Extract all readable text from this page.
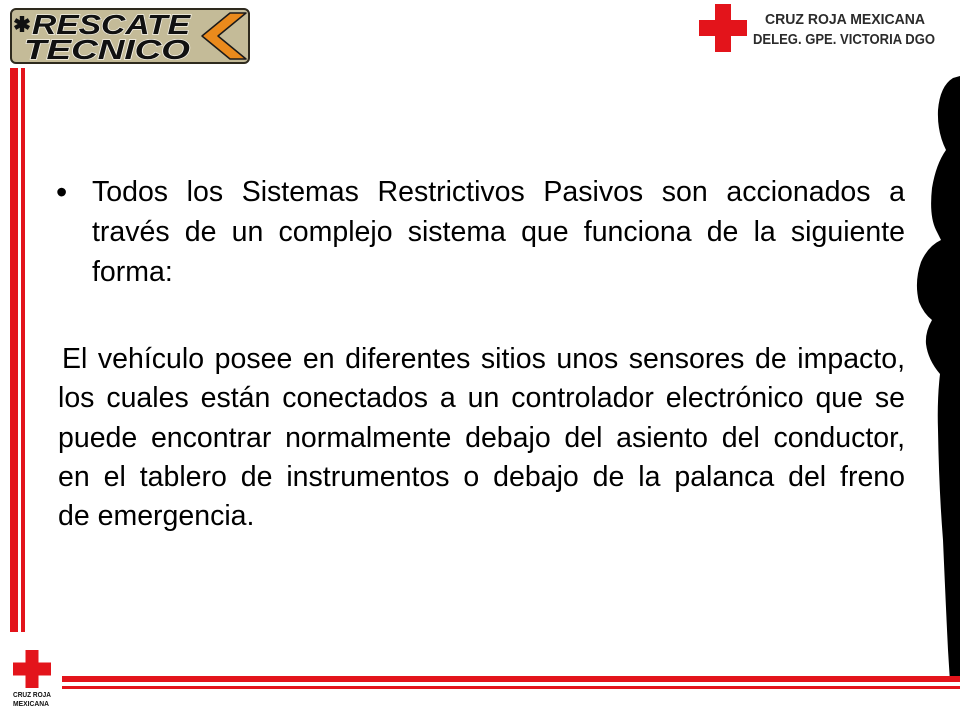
RESCATE
TECNICO
CRUZ ROJA MEXICANA
DELEG. GPE. VICTORIA DGO
CRUZ ROJA
MEXICANA
• Todos los Sistemas Restrictivos Pasivos son accionados a
través de un complejo sistema que funciona de la siguiente
forma:
El vehículo posee en diferentes sitios unos sensores de impacto,
los cuales están conectados a un controlador electrónico que se
puede encontrar normalmente debajo del asiento del conductor,
en el tablero de instrumentos o debajo de la palanca del freno
de emergencia.
